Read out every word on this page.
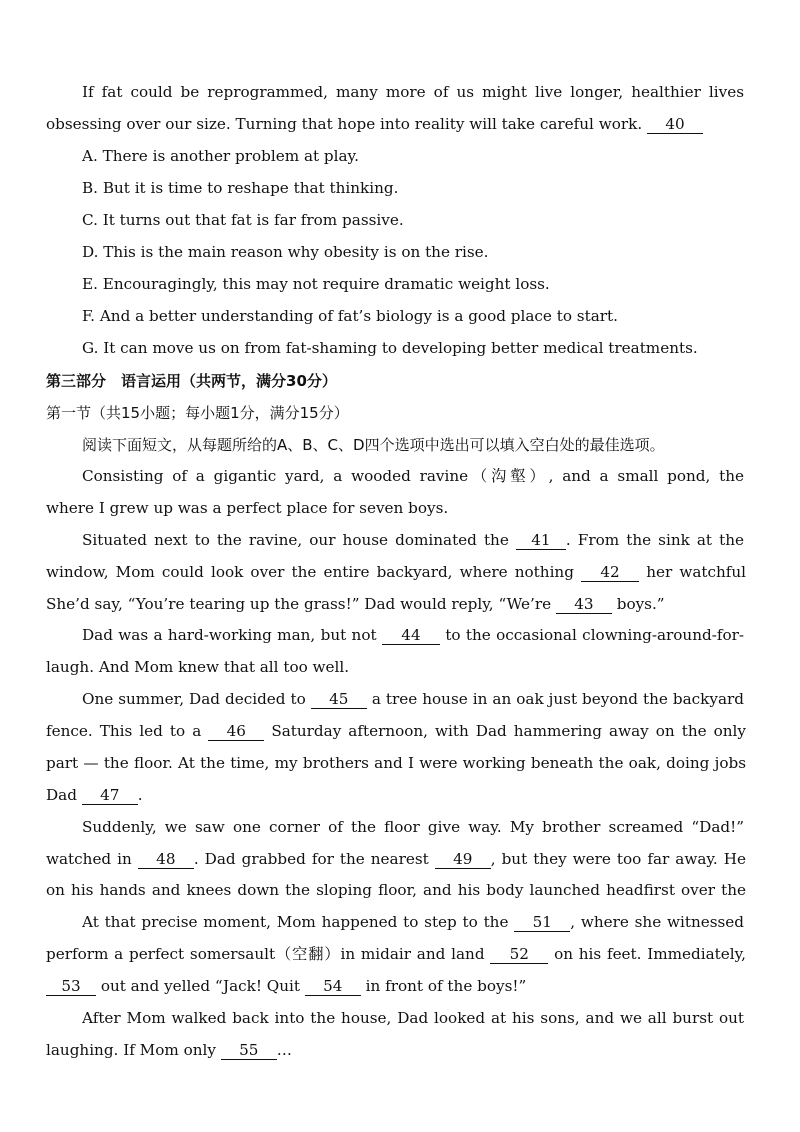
If fat could be reprogrammed, many more of us might live longer, healthier lives
obsessing over our size. Turning that hope into reality will take careful work. 40
A. There is another problem at play.
B. But it is time to reshape that thinking.
C. It turns out that fat is far from passive.
D. This is the main reason why obesity is on the rise.
E. Encouragingly, this may not require dramatic weight loss.
F. And a better understanding of fat’s biology is a good place to start.
G. It can move us on from fat-shaming to developing better medical treatments.
第三部分　语言运用（共两节，满分30分）
第一节（共15小题；每小题1分，满分15分）
阅读下面短文，从每题所给的A、B、C、D四个选项中选出可以填入空白处的最佳选项。
Consisting of a gigantic yard, a wooded ravine（沟壑）, and a small pond, the
where I grew up was a perfect place for seven boys.
Situated next to the ravine, our house dominated the 41 . From the sink at the
window, Mom could look over the entire backyard, where nothing 42 her watchful
She’d say, “You’re tearing up the grass!” Dad would reply, “We’re 43 boys.”
Dad was a hard-working man, but not 44 to the occasional clowning-around-for-
laugh. And Mom knew that all too well.
One summer, Dad decided to 45 a tree house in an oak just beyond the backyard
fence. This led to a 46 Saturday afternoon, with Dad hammering away on the only
part — the floor. At the time, my brothers and I were working beneath the oak, doing jobs
Dad 47 .
Suddenly, we saw one corner of the floor give way. My brother screamed “Dad!”
watched in 48 . Dad grabbed for the nearest 49 , but they were too far away. He
on his hands and knees down the sloping floor, and his body launched headfirst over the
At that precise moment, Mom happened to step to the 51 , where she witnessed
perform a perfect somersault（空翻）in midair and land 52 on his feet. Immediately,
53 out and yelled “Jack! Quit 54 in front of the boys!”
After Mom walked back into the house, Dad looked at his sons, and we all burst out
laughing. If Mom only 55 …
